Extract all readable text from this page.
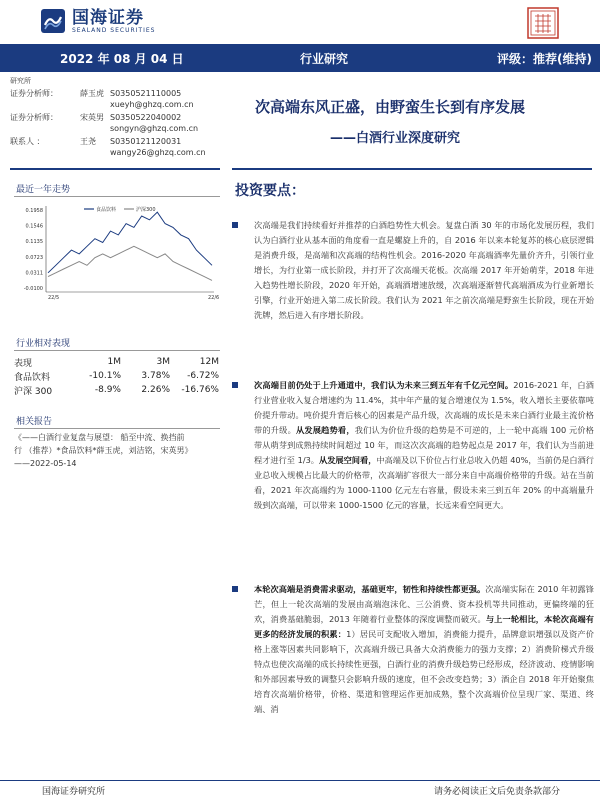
国海证券
SEALAND SECURITIES
2022 年 08 月 04 日	行业研究	评级：推荐(维持)
研究所
证券分析师：	薛玉虎 S0350521110005
xueyh@ghzq.com.cn
证券分析师：	宋英男 S0350522040002
songyn@ghzq.com.cn
联系人 ：	王尧	S0350121120031
wangy26@ghzq.com.cn
次高端东风正盛，由野蛮生长到有序发展
——白酒行业深度研究
最近一年走势
0.1958
0.1546
0.1135
0.0723
0.0311
-0.0100
22/5	22/6
食品饮料	沪深300
行业相对表现
表现	1M	3M	12M
食品饮料	-10.1%	3.78%	-6.72%
沪深 300	-8.9%	2.26%	-16.76%
相关报告
《——白酒行业复盘与展望： 船至中流、换挡前
行 （推荐）*食品饮料*薛玉虎，刘洁铭，宋英男》
——2022-05-14
投资要点：
次高端是我们持续看好并推荐的白酒趋势性大机会。复盘白酒 30 年的市场化发展历程，我们认为白酒行业从基本面的角度看一直是螺旋上升的，自 2016 年以来本轮复苏的核心底层逻辑是消费升级，是高端和次高端的结构性机会。2016-2020 年高端酒率先量价齐升，引领行业增长，为行业第一成长阶段，并打开了次高端天花板。次高端 2017 年开始萌芽，2018 年进入趋势性增长阶段，2020 年开始，高端酒增速放缓，次高端逐渐替代高端酒成为行业新增长引擎，行业开始进入第二成长阶段。我们认为 2021 年之前次高端是野蛮生长阶段，现在开始洗牌，然后进入有序增长阶段。
次高端目前仍处于上升通道中，我们认为未来三到五年有千亿元空间。2016-2021 年，白酒行业营业收入复合增速约为 11.4%，其中年产量的复合增速仅为 1.5%，收入增长主要依靠吨价提升带动。吨价提升背后核心的因素是产品升级，次高端的成长是未来白酒行业最主流价格带的升级。从发展趋势看，我们认为价位升级的趋势是不可逆的，上一轮中高端 100 元价格带从萌芽到成熟持续时间超过 10 年，而这次次高端的趋势起点是 2017 年，我们认为当前进程才进行至 1/3。从发展空间看，中高端及以下价位占行业总收入仍超 40%，当前仍是白酒行业总收入规模占比最大的价格带，次高端扩容很大一部分来自中高端价格带的升级。站在当前看，2021 年次高端约为 1000-1100 亿元左右容量，假设未来三到五年 20% 的中高端量升级到次高端，可以带来 1000-1500 亿元的容量，长远来看空间更大。
本轮次高端是消费需求驱动，基础更牢，韧性和持续性都更强。次高端实际在 2010 年初露锋芒，但上一轮次高端的发展由高端泡沫化、三公消费、资本投机等共同推动，更偏终端的狂欢，消费基础脆弱，2013 年随着行业整体的深度调整而破灭。与上一轮相比，本轮次高端有更多的经济发展的积累：1）居民可支配收入增加，消费能力提升，品牌意识增强以及资产价格上涨等因素共同影响下，次高端升级已具备大众消费能力的强力支撑；2）消费阶梯式升级特点也使次高端的成长持续性更强，白酒行业的消费升级趋势已经形成，经济波动、疫情影响和外部因素导致的调整只会影响升级的速度，但不会改变趋势；3）酒企自 2018 年开始聚焦培育次高端价格带，价格、渠道和管理运作更加成熟，整个次高端价位呈现厂家、渠道、终端、消
国海证券研究所	请务必阅读正文后免责条款部分
